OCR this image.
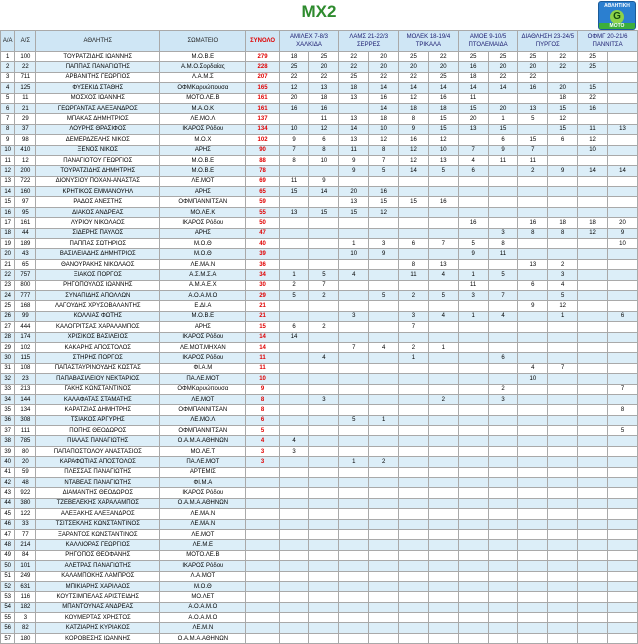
MX2	ΑΘΛΗΤΙΚΗ
G
ΜΟΤΟ
Α/Α	Α/Σ	ΑΘΛΗΤΗΣ	ΣΩΜΑΤΕΙΟ	ΣΥΝΟΛΟ	ΑΜΙΛΕΧ 7-8/3 ΧΑΛΚΙΔΑ		ΛΑΜΣ 21-22/3 ΣΕΡΡΕΣ		ΜΟΛΕΚ 18-19/4 ΤΡΙΚΑΛΑ		ΑΜΟΕ 9-10/5 ΠΤΟΛΕΜΑΙΔΑ		ΔΙΑΘΛΗΣΗ 23-24/5 ΠΥΡΓΟΣ		ΟΦΜΓ 20-21/6 ΠΑΝΝΙΤΣΑ	
1	100	ΤΟΥΡΑΤΖΙΔΗΣ ΙΩΑΝΝΗΣ	Μ.Ο.Β.Ε	279	18	25	22	20	25	22	25	25	25	22	25	
2	22	ΠΑΠΠΑΣ ΠΑΝΑΓΙΩΤΗΣ	Α.Μ.Ο.Σορδαίας	228	25	20	22	20	20	20	16	20	20	22	25	
3	711	ΑΡΒΑΝΙΤΗΣ ΓΕΩΡΓΙΟΣ	Λ.Α.Μ.Σ	207	22	22	25	22	22	25	18	22	22			
4	125	ΦΥΣΕΚΙΔ ΣΤΑΘΗΣ	ΟΦΜΚαρυώπουσα	165	12	13	18	14	14	14	14	14	16	20	15	
5	11	ΜΟΣΧΟΣ ΙΩΑΝΝΗΣ	ΜΟΤΟ.ΛΕ.Β	161	20	18	13	16	12	16	11			18	22	
6	21	ΓΕΩΡΓΑΝΤΑΣ ΑΛΕΞΑΝΔΡΟΣ	Μ.Α.Ο.Κ	161	16	16		14	18	18	15	20	13	15	16	
7	29	ΜΠΑΚΑΣ ΔΗΜΗΤΡΙΟΣ	ΛΕ.ΜΟ.Λ	137		11	13	18	8	15	20	1	5	12		
8	37	ΛΟΥΡΗΣ ΘΡΑΣΙΦΟΣ	ΙΚΑΡΟΣ Ρόδου	134	10	12	14	10	9	15	13	15		15	11	13
9	98	ΔΕΜΕΡΔΖΕΛΗΣ ΝΙΚΟΣ	Μ.Ο.Χ	102	9	6	13	12	16	12		6	15	6	12	
10	410	ΞΕΝΟΣ ΝΙΚΟΣ	ΑΡΗΣ	90	7	8	11	8	12	10	7	9	7		10	
11	12	ΠΑΝΑΓΙΟΤΟΥ ΓΕΩΡΓΙΟΣ	Μ.Ο.Β.Ε	88	8	10	9	7	12	13	4	11	11			
12	200	ΤΟΥΡΑΤΖΙΔΗΣ ΔΗΜΗΤΡΗΣ	Μ.Ο.Β.Ε	78			9	5	14	5	6		2	9	14	14
13	722	ΔΙΟΝΥΣΙΟΥ ΠΟΧΑΝ-ΑΝΑΣΤΑΣ	ΛΕ.ΜΟΤ	69	11	9										
14	160	ΚΡΗΤΙΚΟΣ ΕΜΜΑΝΟΥΗΛ	ΑΡΗΣ	65	15	14	20	16								
15	97	ΡΑΔΟΣ ΑΝΕΣΤΗΣ	ΟΦΜΠΑΝΝΙΤΣΑΝ	59			13	15	15	16						
16	95	ΔΙΑΚΟΣ ΑΝΔΡΕΑΣ	ΜΟ.ΛΕ.Κ	55	13	15	15	12								
17	161	ΛΥΡΙΟΥ ΝΙΚΟΛΑΟΣ	ΙΚΑΡΟΣ Ρόδου	50							16		16	18	18	20
18	44	ΣΙΔΕΡΗΣ ΠΑΥΛΟΣ	ΑΡΗΣ	47								3	8	8	12	9
19	189	ΠΑΠΠΑΣ ΣΩΤΗΡΙΟΣ	Μ.Ο.Θ	40			1	3	6	7	5	8				10
20	43	ΒΑΣΙΛΕΙΑΔΗΣ ΔΗΜΗΤΡΙΟΣ	Μ.Ο.Θ	39			10	9			9	11				
21	65	ΘΑΝΟΥΡΑΚΗΣ ΝΙΚΟΛΑΟΣ	ΛΕ.ΜΑ.Ν	36					8	13			13	2		
22	757	ΞΙΑΚΟΣ ΠΟΡΓΟΣ	Α.Σ.Μ.Σ.Α	34	1	5	4		11	4	1	5		3		
23	800	ΡΗΓΟΠΟΥΛΟΣ ΙΩΑΝΝΗΣ	Α.Μ.Α.Ε.Χ	30	2	7					11		6	4		
24	777	ΣΥΝΑΠΙΔΗΣ ΑΠΟΛΛΩΝ	Α.Ο.Α.Μ.Ο	29	5	2		5	2	5	3	7		5		
25	168	ΛΑΓΟΥΔΗΣ ΧΡΥΣΟΒΑΛΑΝΤΗΣ	Ε.ΔΙ.Α	21									9	12		
26	99	ΚΟΛΛΙΑΣ ΦΩΤΗΣ	Μ.Ο.Β.Ε	21			3		3	4	1	4		1		6
27	444	ΚΑΛΟΓΡΙΤΣΑΣ ΧΑΡΑΛΑΜΠΟΣ	ΑΡΗΣ	15	6	2			7							
28	174	ΧΡΙΣΙΚΟΣ ΒΑΣΙΛΕΙΟΣ	ΙΚΑΡΟΣ Ρόδου	14	14											
29	102	ΚΑΚΑΡΗΣ ΑΠΟΣΤΟΛΟΣ	ΛΕ.ΜΟΤ.ΜΗΧΑΝ	14			7	4	2	1						
30	115	ΣΤΗΡΗΣ ΠΟΡΓΟΣ	ΙΚΑΡΟΣ Ρόδου	11		4			1			6				
31	108	ΠΑΠΑΣΤΑΥΡΙΝΟΥΔΗΣ ΚΩΣΤΑΣ	ΦΙ.Α.Μ	11									4	7		
32	23	ΠΑΠΑΒΑΣΙΛΕΙΟΥ ΝΕΚΤΑΡΙΟΣ	ΠΑ.ΛΕ.ΜΟΤ	10									10			
33	213	ΓΑΚΗΣ ΚΩΝΣΤΑΝΤΙΝΟΣ	ΟΦΜΚαρυώπουσα	9								2				7
34	144	ΚΑΛΑΦΑΤΑΣ ΣΤΑΜΑΤΗΣ	ΛΕ.ΜΟΤ	8		3				2		3				
35	134	ΚΑΡΑΤΖΙΑΣ ΔΗΜΗΤΡΗΣ	ΟΦΜΠΑΝΝΙΤΣΑΝ	8												8
36	308	ΤΣΙΑΚΟΣ ΑΡΓΥΡΗΣ	ΛΕ.ΜΟ.Λ	6			5	1								
37	111	ΠΟΠΗΣ ΘΕΟΔΩΡΟΣ	ΟΦΜΠΑΝΝΙΤΣΑΝ	5												5
38	785	ΠΙΑΛΑΣ ΠΑΝΑΓΙΩΤΗΣ	Ο.Α.Μ.Α.ΑΘΗΝΩΝ	4	4											
39	80	ΠΑΠΑΠΟΣΤΟΛΟΥ ΑΝΑΣΤΑΣΙΟΣ	ΜΟ.ΛΕ.Τ	3	3											
40	20	ΚΑΡΑΦΩΤΙΑΣ ΑΠΟΣΤΟΛΟΣ	ΠΑ.ΛΕ.ΜΟΤ	3			1	2								
41	59	ΠΛΕΣΣΑΣ ΠΑΝΑΓΙΩΤΗΣ	ΑΡΤΕΜΙΣ													
42	48	ΝΤΑΒΕΑΣ ΠΑΝΑΓΙΩΤΗΣ	ΦΙ.Μ.Α													
43	922	ΔΙΑΜΑΝΤΗΣ ΘΕΟΔΩΡΟΣ	ΙΚΑΡΟΣ Ρόδου													
44	380	ΤΖΕΒΕΛΕΚΗΣ ΧΑΡΑΛΑΜΠΟΣ	Ο.Α.Μ.Α.ΑΘΗΝΩΝ													
45	122	ΑΛΕΞΑΚΗΣ ΑΛΕΞΑΝΔΡΟΣ	ΛΕ.ΜΑ.Ν													
46	33	ΤΣΙΤΣΕΚΛΗΣ ΚΩΝΣΤΑΝΤΙΝΟΣ	ΛΕ.ΜΑ.Ν													
47	77	ΞΑΡΑΝΤΟΣ ΚΩΝΣΤΑΝΤΙΝΟΣ	ΛΕ.ΜΟΤ													
48	214	ΚΑΛΛΙΟΡΑΣ ΓΕΩΡΓΙΟΣ	ΛΕ.Μ.Ε													
49	84	ΡΗΓΟΠΟΣ ΘΕΟΦΑΝΗΣ	ΜΟΤΟ.ΛΕ.Β													
50	101	ΑΛΕΤΡΑΣ ΠΑΝΑΓΙΩΤΗΣ	ΙΚΑΡΟΣ Ρόδου													
51	249	ΚΑΛΑΜΠΟΚΗΣ ΛΑΜΠΡΟΣ	Λ.Α.ΜΟΤ													
52	631	ΜΠΙΚΙΑΡΗΣ ΧΑΡΙΛΑΟΣ	Μ.Ο.Θ													
53	116	ΚΟΥΤΣΙΜΠΕΛΑΣ ΑΡΙΣΤΕΙΔΗΣ	ΜΟ.ΛΕΤ													
54	182	ΜΠΑΝΤΟΥΝΑΣ ΑΝΔΡΕΑΣ	Α.Ο.Α.Μ.Ο													
55	3	ΚΟΥΜΕΡΤΑΣ ΧΡΗΣΤΟΣ	Α.Ο.Α.Μ.Ο													
56	82	ΚΑΤΖΙΑΡΗΣ ΚΥΡΙΑΚΟΣ	ΛΕ.Μ.Ν													
57	180	ΚΟΡΟΒΕΣΗΣ ΙΩΑΝΝΗΣ	Ο.Α.Μ.Α.ΑΘΗΝΩΝ													
